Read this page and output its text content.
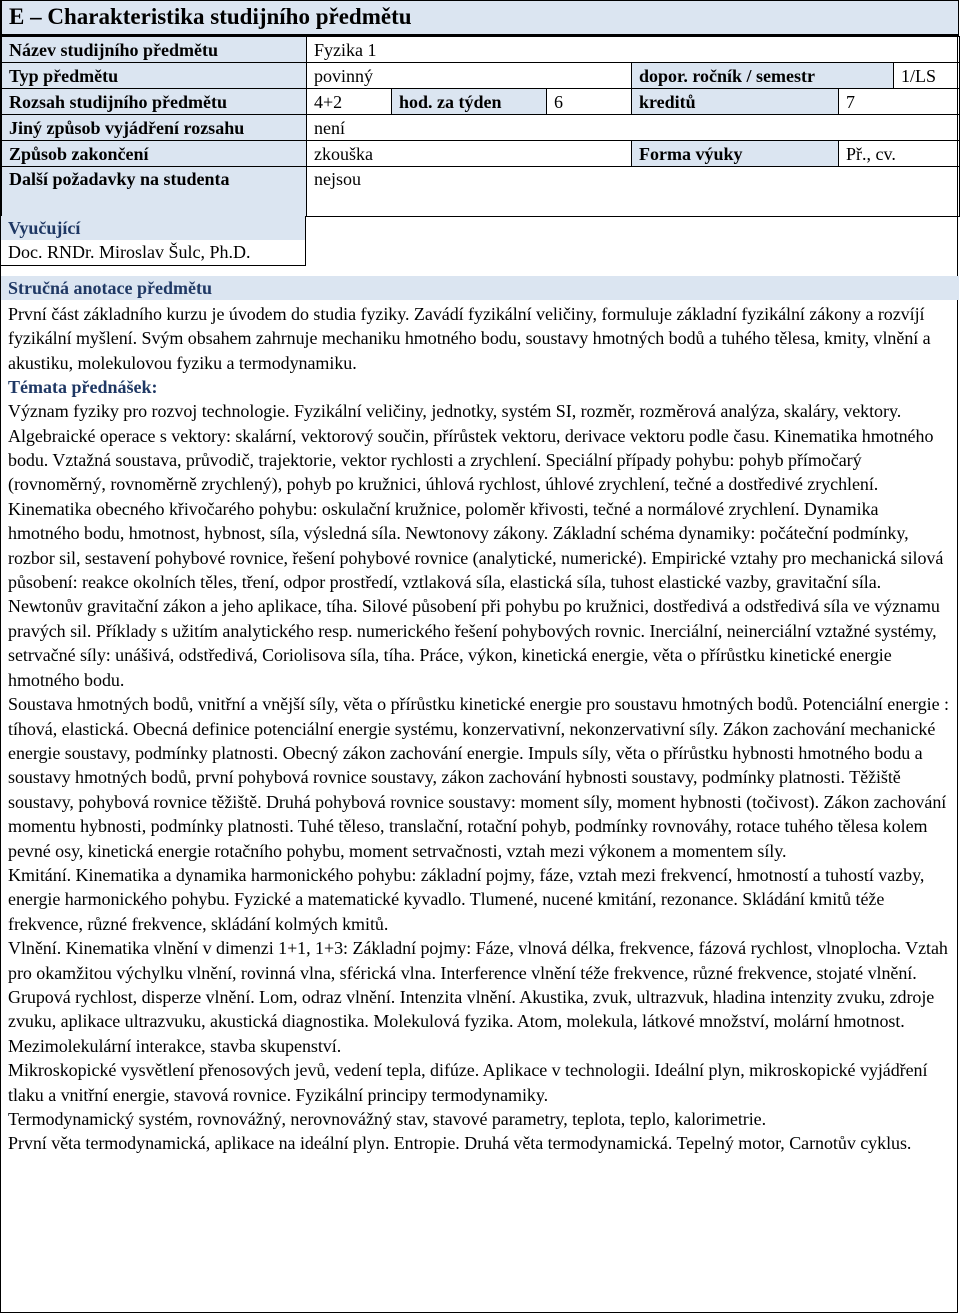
E – Charakteristika studijního předmětu
Název studijního předmětu	Fyzika 1					
Typ předmětu	povinný			dopor. ročník / semestr		1/LS
Rozsah studijního předmětu	4+2	hod. za týden	6	kreditů	7	
Jiný způsob vyjádření rozsahu	není					
Způsob zakončení	zkouška			Forma výuky	Př., cv.	
Další požadavky na studenta	nejsou					
Vyučující
Doc. RNDr. Miroslav Šulc, Ph.D.
Stručná anotace předmětu

První část základního kurzu je úvodem do studia fyziky. Zavádí fyzikální veličiny, formuluje základní fyzikální zákony a rozvíjí fyzikální myšlení. Svým obsahem zahrnuje mechaniku hmotného bodu, soustavy hmotných bodů a tuhého tělesa, kmity, vlnění a akustiku, molekulovou fyziku a termodynamiku.

Témata přednášek:

Význam fyziky pro rozvoj technologie. Fyzikální veličiny, jednotky, systém SI, rozměr, rozměrová analýza, skaláry, vektory. Algebraické operace s vektory: skalární, vektorový součin, přírůstek vektoru, derivace vektoru podle času. Kinematika hmotného bodu. Vztažná soustava, průvodič, trajektorie, vektor rychlosti a zrychlení. Speciální případy pohybu: pohyb přímočarý (rovnoměrný, rovnoměrně zrychlený), pohyb po kružnici, úhlová rychlost, úhlové zrychlení, tečné a dostředivé zrychlení. Kinematika obecného křivočarého pohybu: oskulační kružnice, poloměr křivosti, tečné a normálové zrychlení. Dynamika hmotného bodu, hmotnost, hybnost, síla, výsledná síla. Newtonovy zákony. Základní schéma dynamiky: počáteční podmínky, rozbor sil, sestavení pohybové rovnice, řešení pohybové rovnice (analytické, numerické). Empirické vztahy pro mechanická silová působení: reakce okolních těles, tření, odpor prostředí, vztlaková síla, elastická síla, tuhost elastické vazby, gravitační síla. Newtonův gravitační zákon a jeho aplikace, tíha. Silové působení při pohybu po kružnici, dostředivá a odstředivá síla ve významu pravých sil. Příklady s užitím analytického resp. numerického řešení pohybových rovnic. Inerciální, neinerciální vztažné systémy, setrvačné síly: unášivá, odstředivá, Coriolisova síla, tíha. Práce, výkon, kinetická energie, věta o přírůstku kinetické energie hmotného bodu.

Soustava hmotných bodů, vnitřní a vnější síly, věta o přírůstku kinetické energie pro soustavu hmotných bodů. Potenciální energie : tíhová, elastická. Obecná definice potenciální energie systému, konzervativní, nekonzervativní síly. Zákon zachování mechanické energie soustavy, podmínky platnosti. Obecný zákon zachování energie. Impuls síly, věta o přírůstku hybnosti hmotného bodu a soustavy hmotných bodů, první pohybová rovnice soustavy, zákon zachování hybnosti soustavy, podmínky platnosti. Těžiště soustavy, pohybová rovnice těžiště. Druhá pohybová rovnice soustavy: moment síly, moment hybnosti (točivost). Zákon zachování momentu hybnosti, podmínky platnosti. Tuhé těleso, translační, rotační pohyb, podmínky rovnováhy, rotace tuhého tělesa kolem pevné osy, kinetická energie rotačního pohybu, moment setrvačnosti, vztah mezi výkonem a momentem síly.

Kmitání. Kinematika a dynamika harmonického pohybu: základní pojmy, fáze, vztah mezi frekvencí, hmotností a tuhostí vazby, energie harmonického pohybu. Fyzické a matematické kyvadlo. Tlumené, nucené kmitání, rezonance. Skládání kmitů téže frekvence, různé frekvence, skládání kolmých kmitů.

Vlnění. Kinematika vlnění v dimenzi 1+1, 1+3: Základní pojmy: Fáze, vlnová délka, frekvence, fázová rychlost, vlnoplocha. Vztah pro okamžitou výchylku vlnění, rovinná vlna, sférická vlna. Interference vlnění téže frekvence, různé frekvence, stojaté vlnění. Grupová rychlost, disperze vlnění. Lom, odraz vlnění. Intenzita vlnění. Akustika, zvuk, ultrazvuk, hladina intenzity zvuku, zdroje zvuku, aplikace ultrazvuku, akustická diagnostika. Molekulová fyzika. Atom, molekula, látkové množství, molární hmotnost. Mezimolekulární interakce, stavba skupenství.

Mikroskopické vysvětlení přenosových jevů, vedení tepla, difúze. Aplikace v technologii. Ideální plyn, mikroskopické vyjádření tlaku a vnitřní energie, stavová rovnice. Fyzikální principy termodynamiky.

Termodynamický systém, rovnovážný, nerovnovážný stav, stavové parametry, teplota, teplo, kalorimetrie.

První věta termodynamická, aplikace na ideální plyn. Entropie. Druhá věta termodynamická. Tepelný motor, Carnotův cyklus.
